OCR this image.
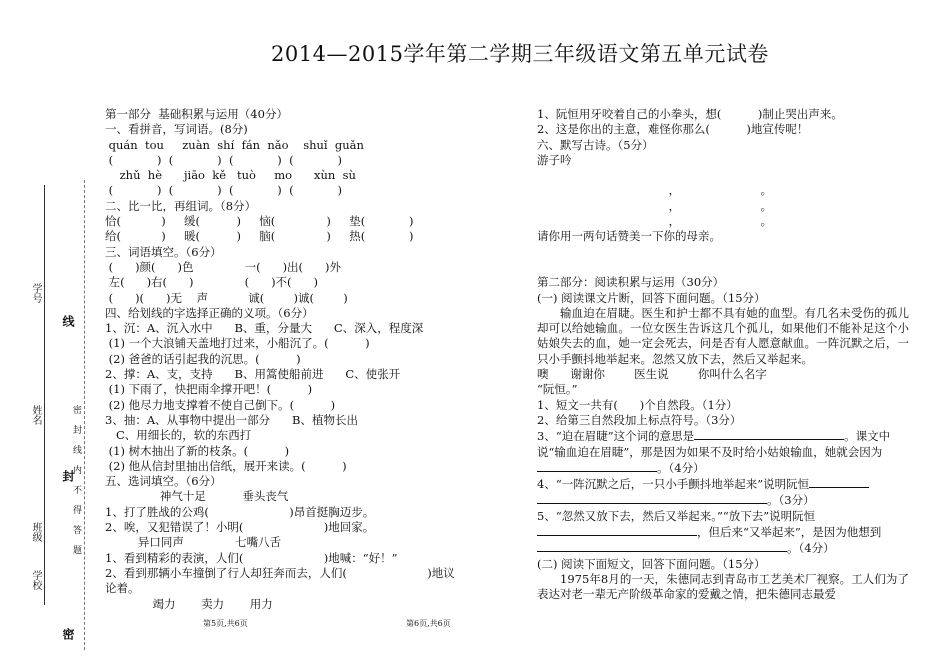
2014—2015学年第二学期三年级语文第五单元试卷
学号
姓名
班级
学校
线
封
密
密封线内不得答题
第一部分  基础积累与运用（40分）
一、看拼音，写词语。(8分)
quán  tou     zuàn  shí  fán  nǎo    shuǐ  guǎn
(            )  (            )  (            )  (            )
zhǔ  hè      jiāo  kě   tuò     mo      xùn  sù
(            )  (            )  (            )  (            )
二、比一比，再组词。（8分）
恰(           )     缓(          )     恼(              )     垫(            )
给(           )     暖(          )     脑(              )     热(            )
三、词语填空。（6分）
(      )颜(      )色              一(      )出(      )外
左(      )右(      )              (      )不(      )
(      )(      )无    声           诚(        )诚(        )
四、给划线的字选择正确的义项。（6分）
1、沉：A、沉入水中      B、重，分量大      C、深入，程度深
(1) 一个大浪铺天盖地打过来，小船沉了。(          )
(2) 爸爸的话引起我的沉思。(          )
2、撑：A、支，支持      B、用篙使船前进      C、使张开
(1) 下雨了，快把雨伞撑开吧！(          )
(2) 他尽力地支撑着不使自己倒下。(          )
3、抽：A、从事物中提出一部分      B、植物长出
C、用细长的，软的东西打
(1) 树木抽出了新的枝条。(          )
(2) 他从信封里抽出信纸，展开来读。(          )
五、选词填空。（6分）
神气十足          垂头丧气
1、打了胜战的公鸡(                      )昂首挺胸迈步。
2、唉，又犯错误了！小明(                      )地回家。
异口同声              七嘴八舌
1、看到精彩的表演，人们(                      )地喊：“好！”
2、看到那辆小车撞倒了行人却狂奔而去，人们(                      )地议
论着。
竭力       卖力       用力
1、阮恒用牙咬着自己的小拳头，想(          )制止哭出声来。
2、这是你出的主意，难怪你那么(          )地宣传呢！
六、默写古诗。（5分）
游子吟
，                      。
，                      。
，                      。
请你用一两句话赞美一下你的母亲。
第二部分：阅读积累与运用（30分）
(一) 阅读课文片断，回答下面问题。（15分）
输血迫在眉睫。医生和护士都不具有她的血型。有几名未受伤的孤儿却可以给她输血。一位女医生告诉这几个孤儿，如果他们不能补足这个小姑娘失去的血，她一定会死去，问是否有人愿意献血。一阵沉默之后，一只小手颤抖地举起来。忽然又放下去，然后又举起来。
噢      谢谢你        医生说        你叫什么名字
“阮恒。”
1、短文一共有(      )个自然段。（1分）
2、给第三自然段加上标点符号。（3分）
3、“迫在眉睫”这个词的意思是	。课文中说“输血迫在眉睫”，那是因为如果不及时给小姑娘输血，她就会因为。（4分）
4、“一阵沉默之后，一只小手颤抖地举起来”说明阮恒。（3分）
5、“忽然又放下去，然后又举起来。”“放下去”说明阮恒，但后来“又举起来”，是因为他想到。（4分）
(二) 阅读下面短文，回答下面问题。（15分）
1975年8月的一天，朱德同志到青岛市工艺美术厂视察。工人们为了表达对老一辈无产阶级革命家的爱戴之情，把朱德同志最爱
第5页,共6页	第6页,共6页
